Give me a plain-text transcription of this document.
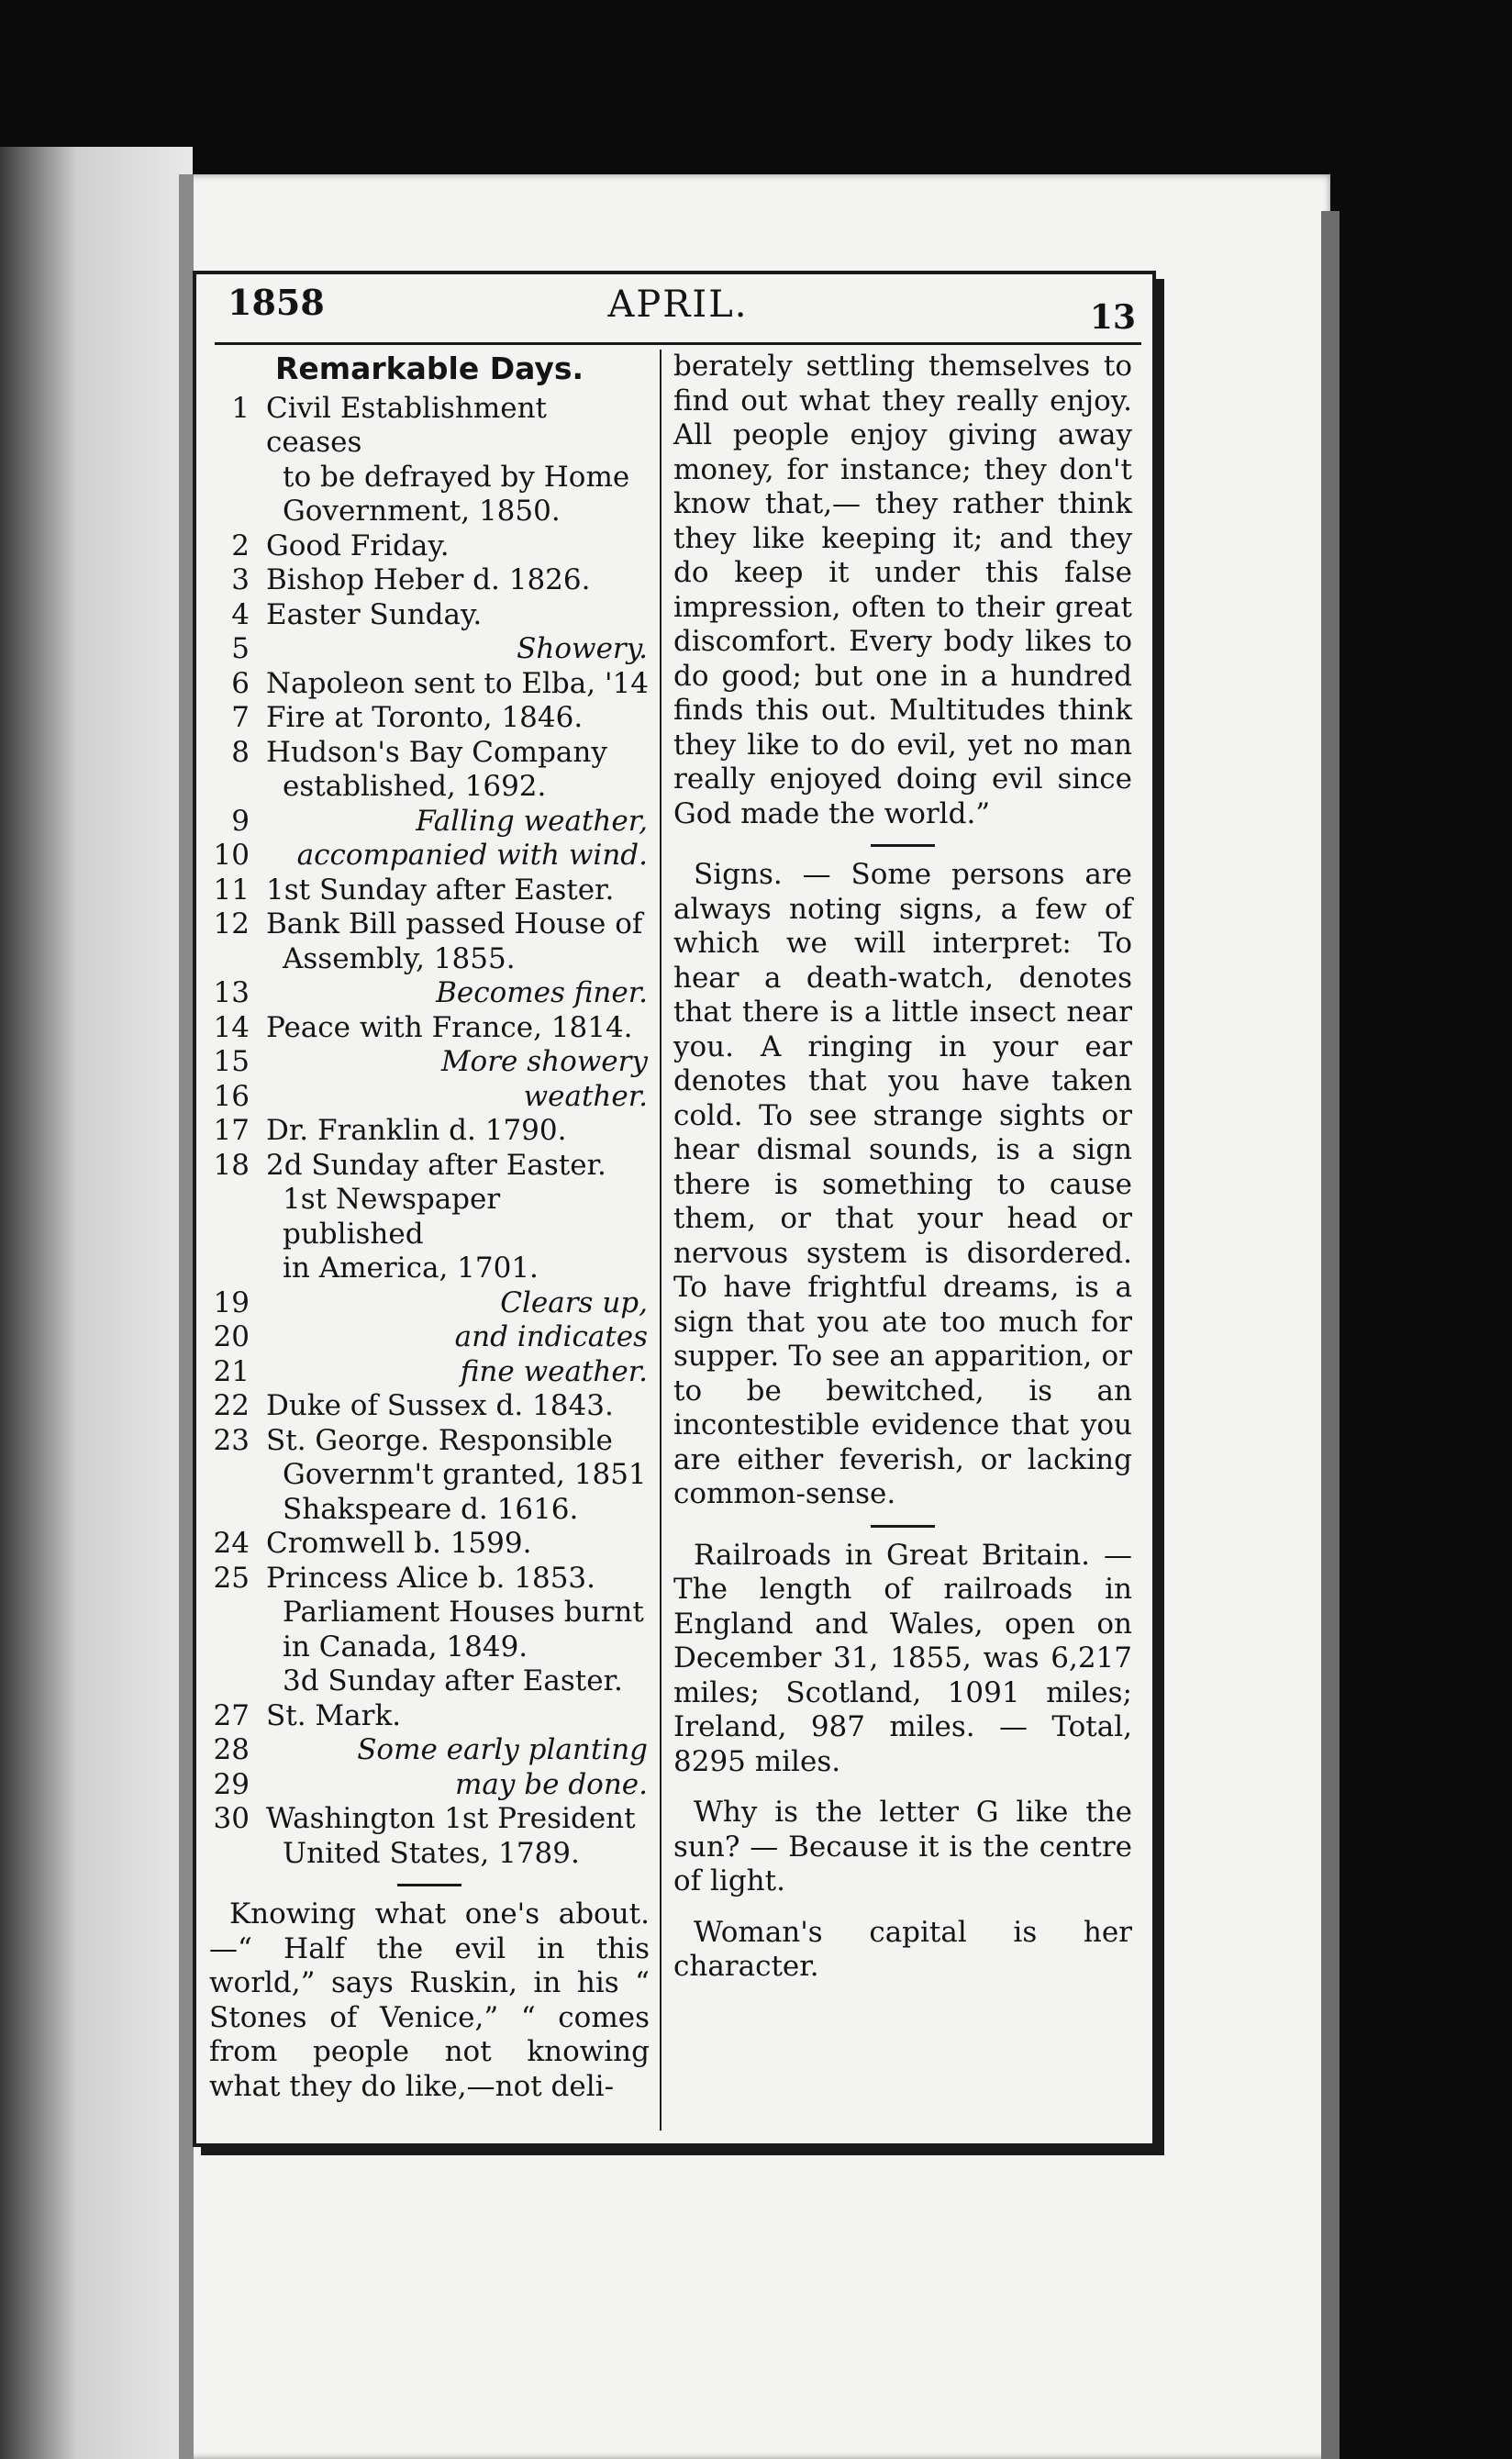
1858	APRIL.	13
Remarkable Days.
1 Civil Establishment ceases
to be defrayed by Home
Government, 1850.
2 Good Friday.
3 Bishop Heber d. 1826.
4 Easter Sunday.
5	Showery.
6 Napoleon sent to Elba, '14
7 Fire at Toronto, 1846.
8 Hudson's Bay Company
established, 1692.
9	Falling weather,
10	accompanied with wind.
11 1st Sunday after Easter.
12 Bank Bill passed House of
Assembly, 1855.
13	Becomes finer.
14 Peace with France, 1814.
15	More showery
16	weather.
17 Dr. Franklin d. 1790.
18 2d Sunday after Easter.
1st Newspaper published
in America, 1701.
19	Clears up,
20	and indicates
21	fine weather.
22 Duke of Sussex d. 1843.
23 St. George. Responsible
Governm't granted, 1851
Shakspeare d. 1616.
24 Cromwell b. 1599.
25 Princess Alice b. 1853.
Parliament Houses burnt
in Canada, 1849.
3d Sunday after Easter.
27 St. Mark.
28	Some early planting
29	may be done.
30 Washington 1st President
United States, 1789.

Knowing what one's about. —“ Half the evil in this world,” says Ruskin, in his “ Stones of Venice,” “ comes from people not knowing what they do like,—not deli-

berately settling themselves to find out what they really enjoy. All people enjoy giving away money, for instance; they don't know that,— they rather think they like keeping it; and they do keep it under this false impression, often to their great discomfort. Every body likes to do good; but one in a hundred finds this out. Multitudes think they like to do evil, yet no man really enjoyed doing evil since God made the world.”

Signs. — Some persons are always noting signs, a few of which we will interpret: To hear a death-watch, denotes that there is a little insect near you. A ringing in your ear denotes that you have taken cold. To see strange sights or hear dismal sounds, is a sign there is something to cause them, or that your head or nervous system is disordered. To have frightful dreams, is a sign that you ate too much for supper. To see an apparition, or to be bewitched, is an incontestible evidence that you are either feverish, or lacking common-sense.

Railroads in Great Britain. —The length of railroads in England and Wales, open on December 31, 1855, was 6,217 miles; Scotland, 1091 miles; Ireland, 987 miles. — Total, 8295 miles.

Why is the letter G like the sun? — Because it is the centre of light.

Woman's capital is her character.
